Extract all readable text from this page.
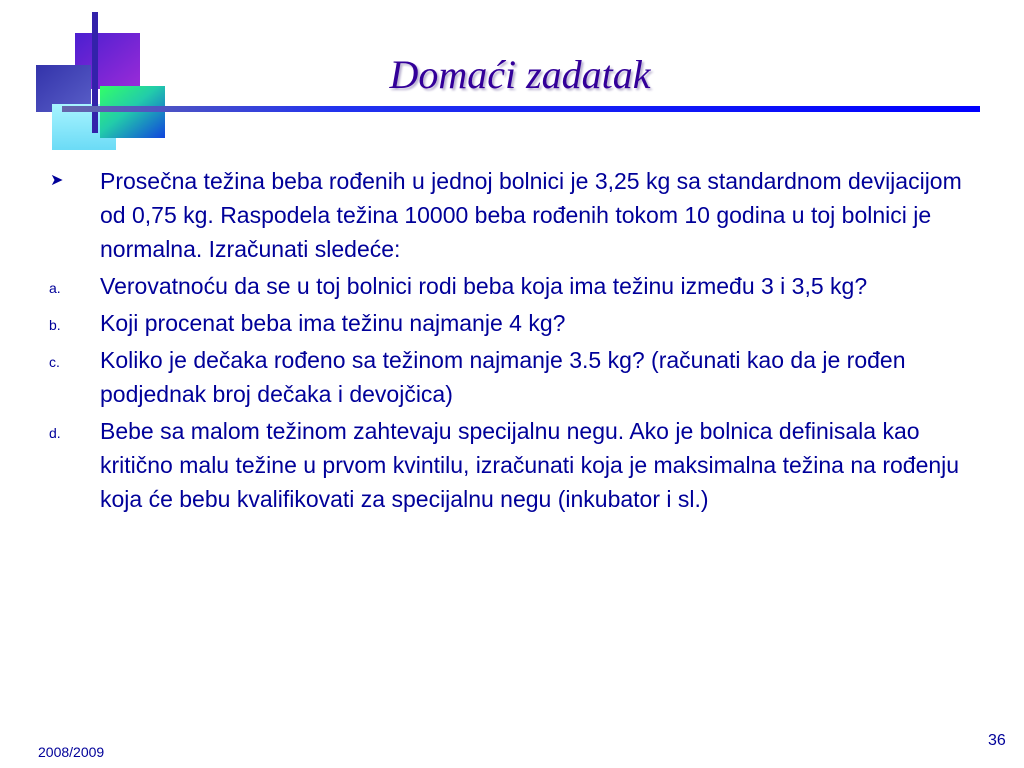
Domaći zadatak
➤ Prosečna težina beba rođenih u jednoj bolnici je 3,25 kg sa standardnom devijacijom od 0,75 kg. Raspodela težina 10000 beba rođenih tokom 10 godina u toj bolnici je normalna. Izračunati sledeće:
a. Verovatnoću da se u toj bolnici rodi beba koja ima težinu između 3 i 3,5 kg?
b. Koji procenat beba ima težinu najmanje 4 kg?
c. Koliko je dečaka rođeno sa težinom najmanje 3.5 kg? (računati kao da je rođen podjednak broj dečaka i devojčica)
d. Bebe sa malom težinom zahtevaju specijalnu negu. Ako je bolnica definisala kao kritično malu težine u prvom kvintilu, izračunati koja je maksimalna težina na rođenju koja će bebu kvalifikovati za specijalnu negu (inkubator i sl.)
2008/2009
36
